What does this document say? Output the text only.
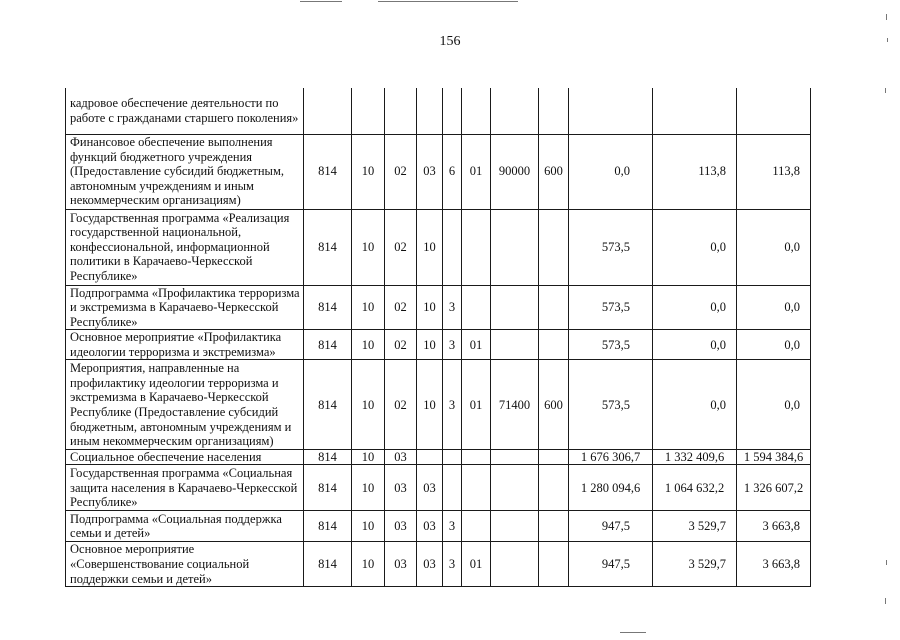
156
кадровое обеспечение деятельности по работе с гражданами старшего поколения»											
Финансовое обеспечение выполнения функций бюджетного учреждения (Предоставление субсидий бюджетным, автономным учреждениям и иным некоммерческим организациям)	814	10	02	03	6	01	90000	600	0,0	113,8	113,8
Государственная программа «Реализация государственной национальной, конфессиональной, информационной политики в Карачаево-Черкесской Республике»	814	10	02	10					573,5	0,0	0,0
Подпрограмма «Профилактика терроризма и экстремизма в Карачаево-Черкесской Республике»	814	10	02	10	3				573,5	0,0	0,0
Основное мероприятие «Профилактика идеологии терроризма и экстремизма»	814	10	02	10	3	01			573,5	0,0	0,0
Мероприятия, направленные на профилактику идеологии терроризма и экстремизма в Карачаево-Черкесской Республике (Предоставление субсидий бюджетным, автономным учреждениям и иным некоммерческим организациям)	814	10	02	10	3	01	71400	600	573,5	0,0	0,0
Социальное обеспечение населения	814	10	03						1 676 306,7	1 332 409,6	1 594 384,6
Государственная программа «Социальная защита населения в Карачаево-Черкесской Республике»	814	10	03	03					1 280 094,6	1 064 632,2	1 326 607,2
Подпрограмма «Социальная поддержка семьи и детей»	814	10	03	03	3				947,5	3 529,7	3 663,8
Основное мероприятие «Совершенствование социальной поддержки семьи и детей»	814	10	03	03	3	01			947,5	3 529,7	3 663,8
